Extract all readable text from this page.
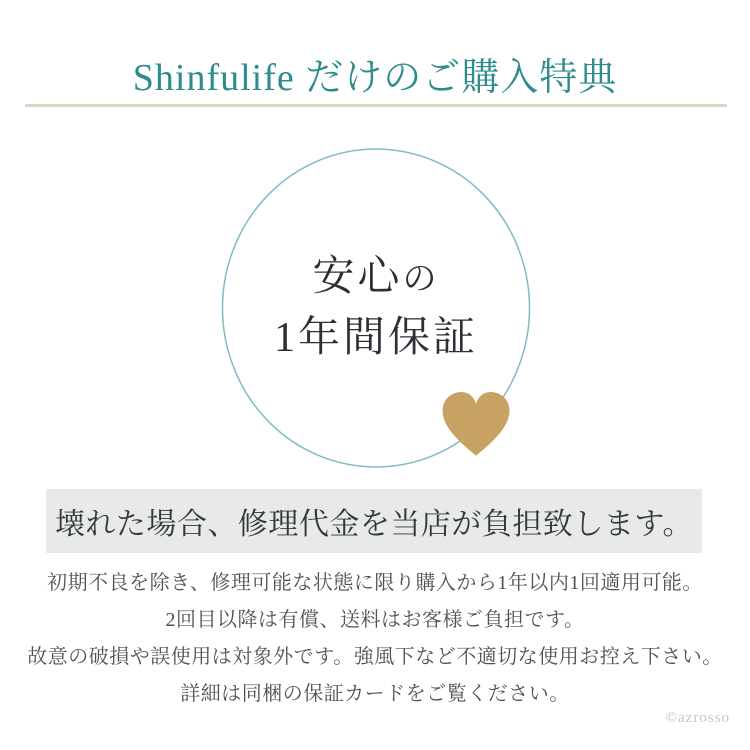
Shinfulife だけのご購入特典
安心の
1年間保証
壊れた場合、修理代金を当店が負担致します。
初期不良を除き、修理可能な状態に限り購入から1年以内1回適用可能。
2回目以降は有償、送料はお客様ご負担です。
故意の破損や誤使用は対象外です。強風下など不適切な使用お控え下さい。
詳細は同梱の保証カードをご覧ください。
©azrosso
